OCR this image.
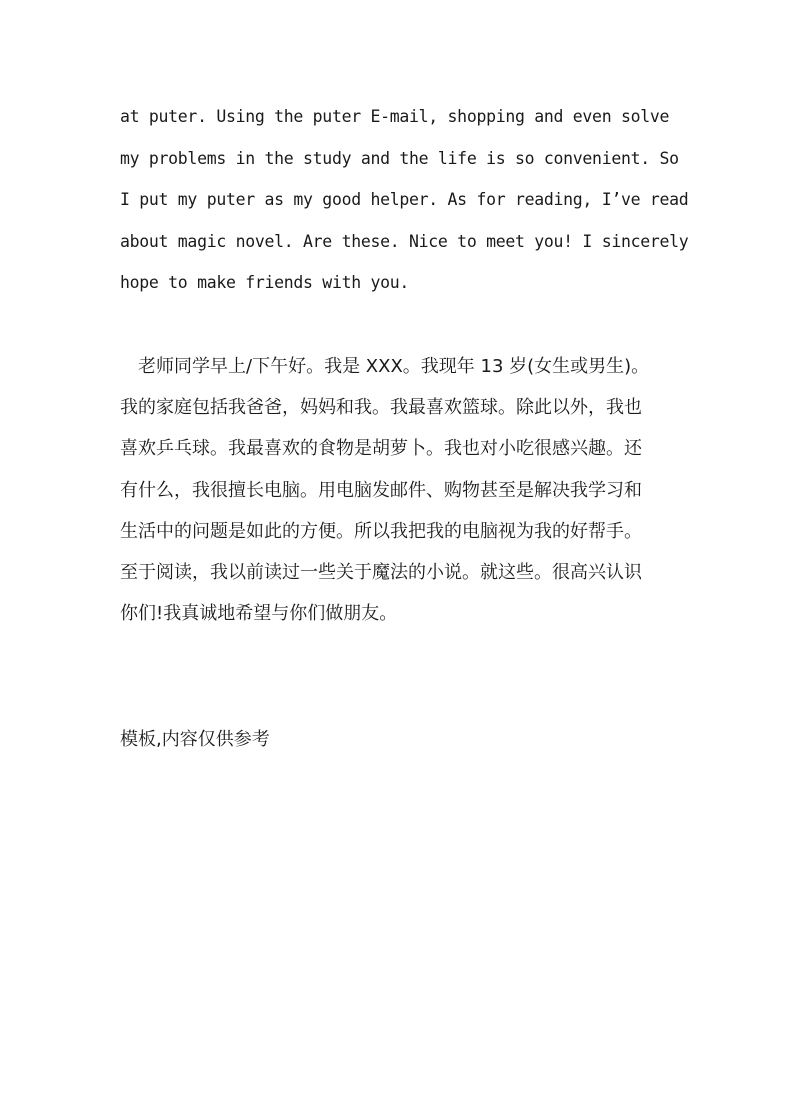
at puter. Using the puter E-mail, shopping and even solve
my problems in the study and the life is so convenient. So
I put my puter as my good helper. As for reading, I’ve read
about magic novel. Are these. Nice to meet you! I sincerely
hope to make friends with you.
　老师同学早上/下午好。我是 XXX。我现年 13 岁(女生或男生)。
我的家庭包括我爸爸，妈妈和我。我最喜欢篮球。除此以外，我也
喜欢乒乓球。我最喜欢的食物是胡萝卜。我也对小吃很感兴趣。还
有什么，我很擅长电脑。用电脑发邮件、购物甚至是解决我学习和
生活中的问题是如此的方便。所以我把我的电脑视为我的好帮手。
至于阅读，我以前读过一些关于魔法的小说。就这些。很高兴认识
你们!我真诚地希望与你们做朋友。
模板,内容仅供参考
